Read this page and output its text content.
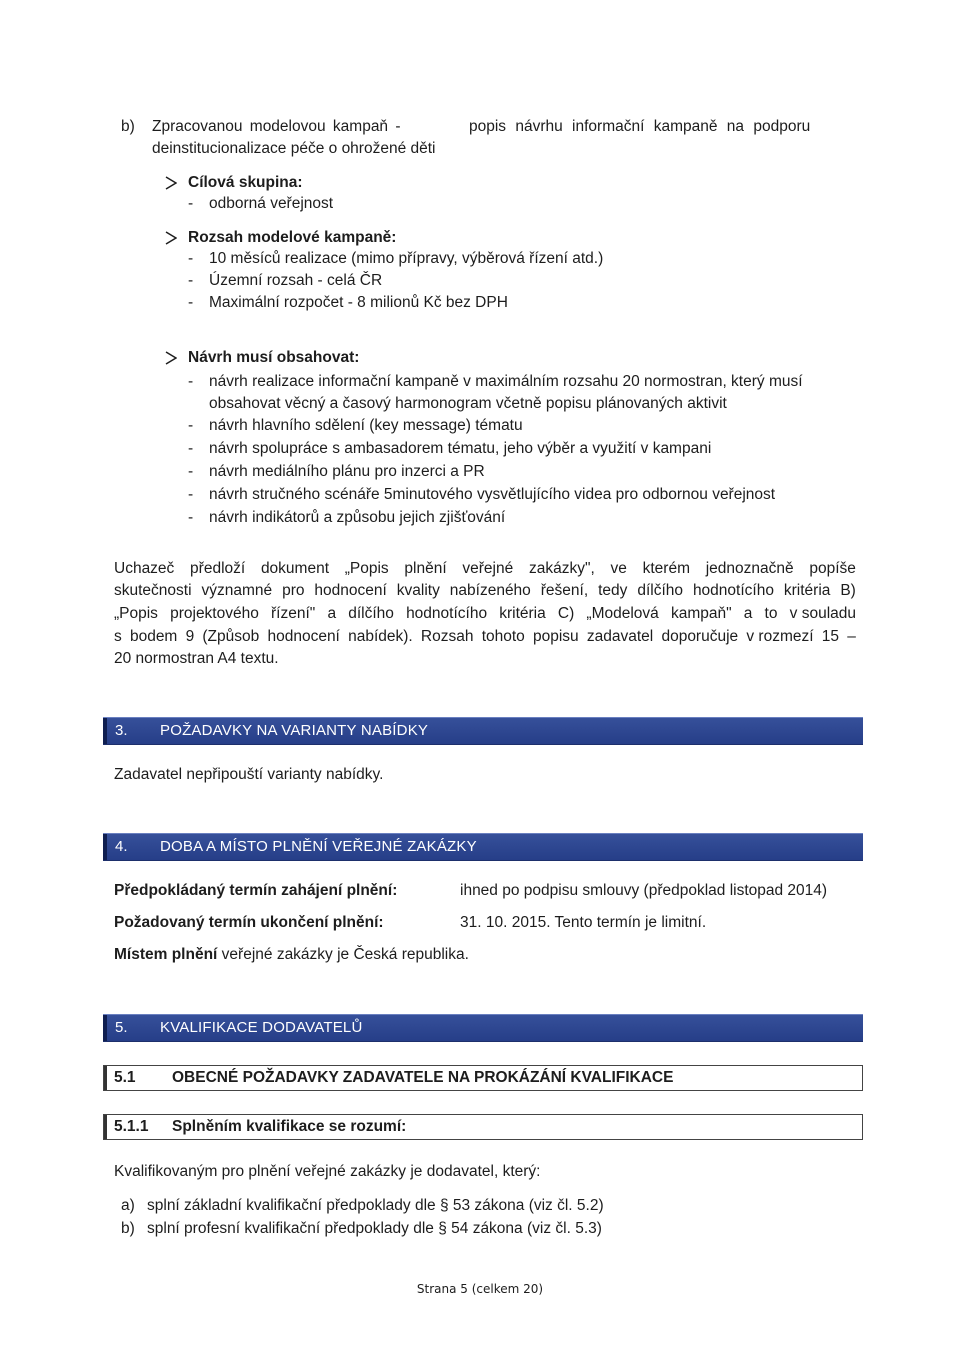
b) Zpracovanou modelovou kampaň -	popis návrhu informační kampaně na podporu
deinstitucionalizace péče o ohrožené děti
Cílová skupina:
- odborná veřejnost
Rozsah modelové kampaně:
- 10 měsíců realizace (mimo přípravy, výběrová řízení atd.)
- Územní rozsah - celá ČR
- Maximální rozpočet - 8 milionů Kč bez DPH
Návrh musí obsahovat:
- návrh realizace informační kampaně v maximálním rozsahu 20 normostran, který musí
obsahovat věcný a časový harmonogram včetně popisu plánovaných aktivit
- návrh hlavního sdělení (key message) tématu
- návrh spolupráce s ambasadorem tématu, jeho výběr a využití v kampani
- návrh mediálního plánu pro inzerci a PR
- návrh stručného scénáře 5minutového vysvětlujícího videa pro odbornou veřejnost
- návrh indikátorů a způsobu jejich zjišťování
Uchazeč předloží dokument „Popis plnění veřejné zakázky", ve kterém jednoznačně popíše
skutečnosti významné pro hodnocení kvality nabízeného řešení, tedy dílčího hodnotícího kritéria B)
„Popis projektového řízení" a dílčího hodnotícího kritéria C) „Modelová kampaň" a to v souladu
s bodem 9 (Způsob hodnocení nabídek). Rozsah tohoto popisu zadavatel doporučuje v rozmezí 15 –
20 normostran A4 textu.
3. POŽADAVKY NA VARIANTY NABÍDKY
Zadavatel nepřipouští varianty nabídky.
4. DOBA A MÍSTO PLNĚNÍ VEŘEJNÉ ZAKÁZKY
Předpokládaný termín zahájení plnění:	ihned po podpisu smlouvy (předpoklad listopad 2014)
Požadovaný termín ukončení plnění:	31. 10. 2015. Tento termín je limitní.
Místem plnění veřejné zakázky je Česká republika.
5. KVALIFIKACE DODAVATELŮ
5.1 OBECNÉ POŽADAVKY ZADAVATELE NA PROKÁZÁNÍ KVALIFIKACE
5.1.1 Splněním kvalifikace se rozumí:
Kvalifikovaným pro plnění veřejné zakázky je dodavatel, který:
a) splní základní kvalifikační předpoklady dle § 53 zákona (viz čl. 5.2)
b) splní profesní kvalifikační předpoklady dle § 54 zákona (viz čl. 5.3)
Strana 5 (celkem 20)
